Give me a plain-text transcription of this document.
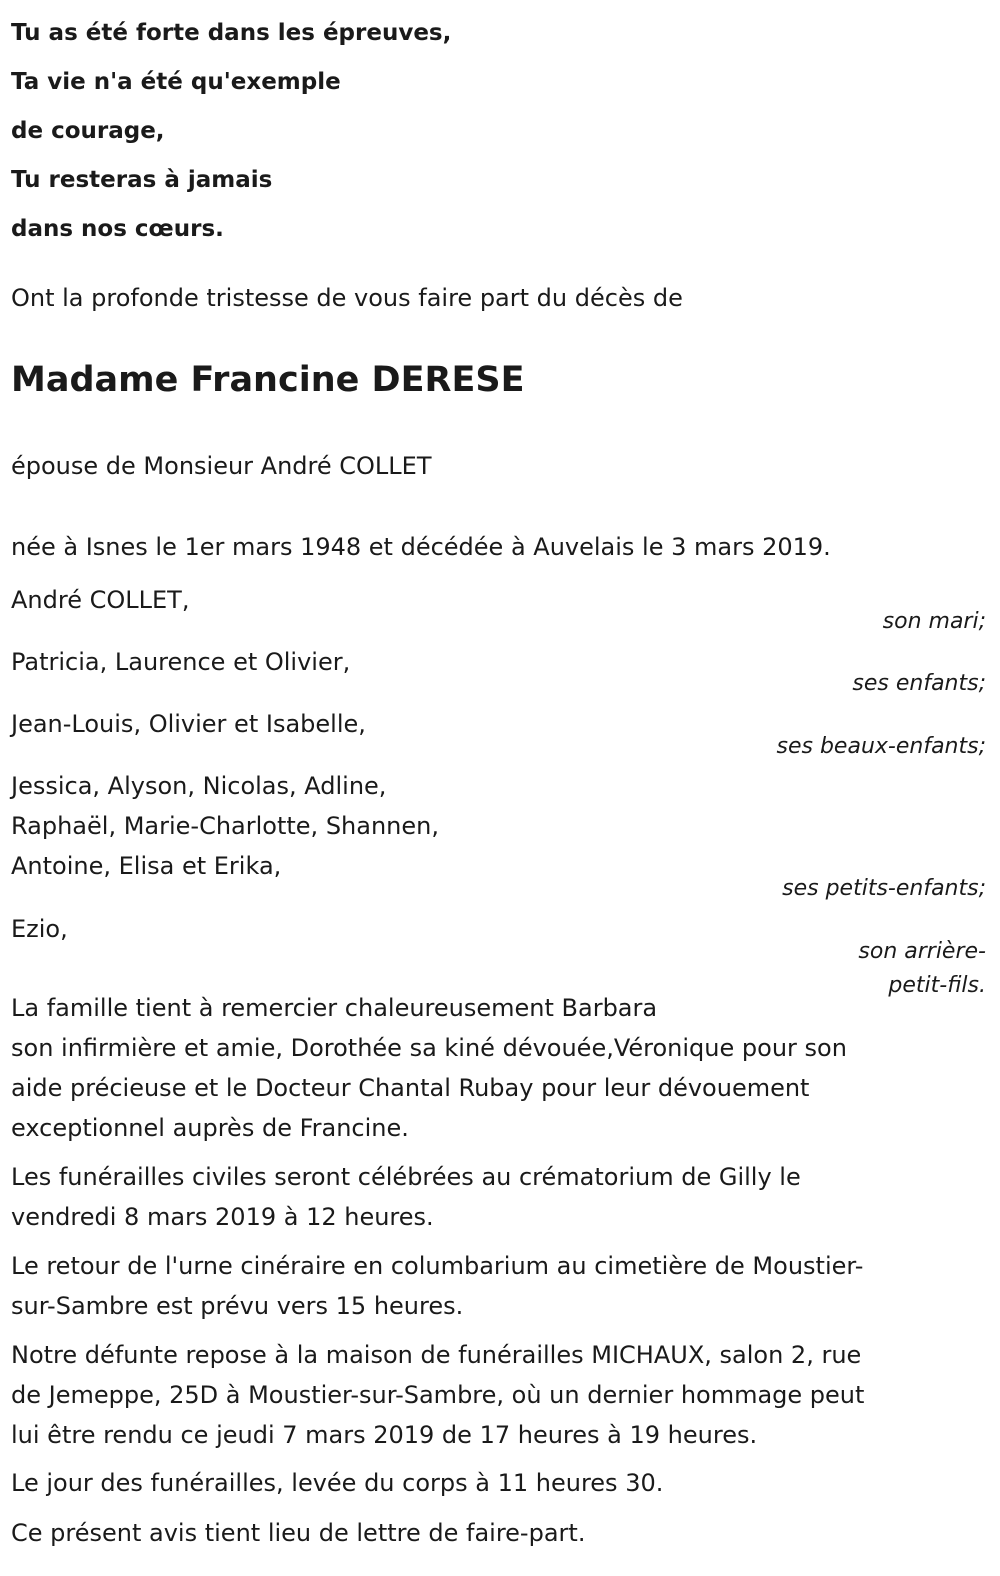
Tu as été forte dans les épreuves,
Ta vie n'a été qu'exemple
de courage,
Tu resteras à jamais
dans nos cœurs.
Ont la profonde tristesse de vous faire part du décès de
Madame Francine DERESE
épouse de Monsieur André COLLET
née à Isnes le 1er mars 1948 et décédée à Auvelais le 3 mars 2019.
André COLLET,
son mari;
Patricia, Laurence et Olivier,
ses enfants;
Jean-Louis, Olivier et Isabelle,
ses beaux-enfants;
Jessica, Alyson, Nicolas, Adline,
Raphaël, Marie-Charlotte, Shannen,
Antoine, Elisa et Erika,
ses petits-enfants;
Ezio,
son arrière-
petit-fils.
La famille tient à remercier chaleureusement Barbara
son infirmière et amie, Dorothée sa kiné dévouée,Véronique pour son
aide précieuse et le Docteur Chantal Rubay pour leur dévouement
exceptionnel auprès de Francine.
Les funérailles civiles seront célébrées au crématorium de Gilly le
vendredi 8 mars 2019 à 12 heures.
Le retour de l'urne cinéraire en columbarium au cimetière de Moustier-
sur-Sambre est prévu vers 15 heures.
Notre défunte repose à la maison de funérailles MICHAUX, salon 2, rue
de Jemeppe, 25D à Moustier-sur-Sambre, où un dernier hommage peut
lui être rendu ce jeudi 7 mars 2019 de 17 heures à 19 heures.
Le jour des funérailles, levée du corps à 11 heures 30.
Ce présent avis tient lieu de lettre de faire-part.
